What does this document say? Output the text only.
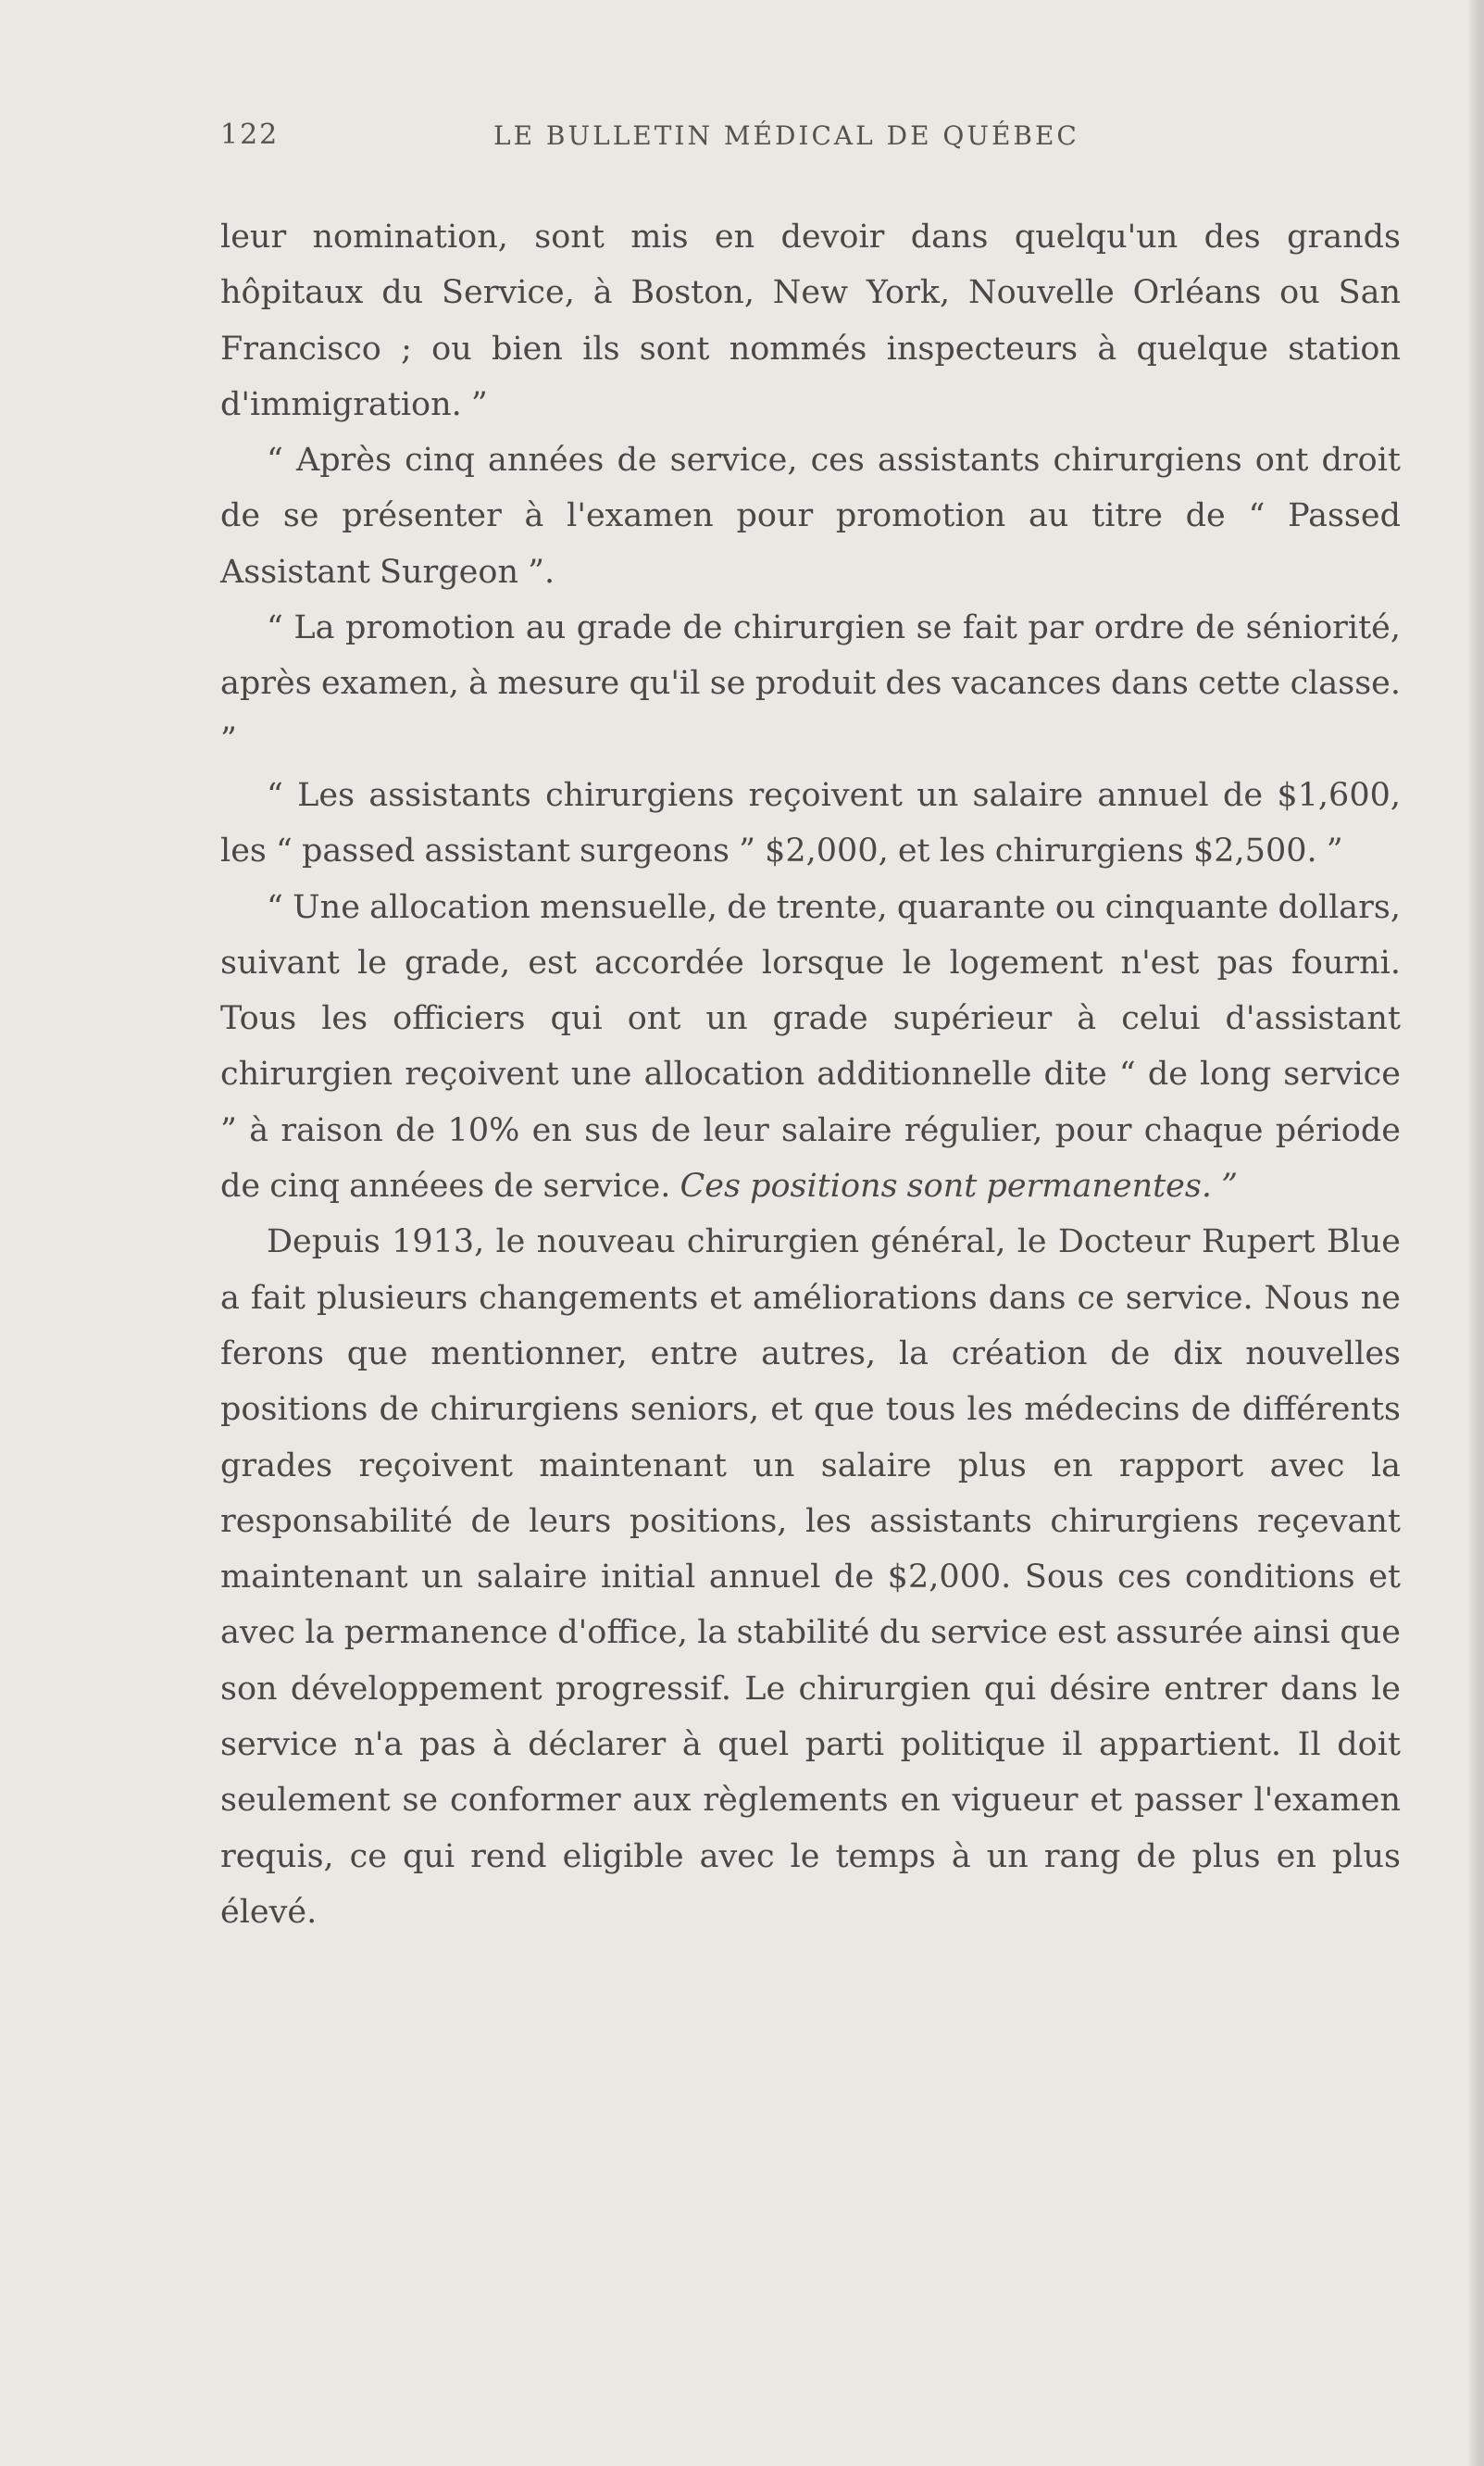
122	LE BULLETIN MÉDICAL DE QUÉBEC

leur nomination, sont mis en devoir dans quelqu'un des grands hôpitaux du Service, à Boston, New York, Nouvelle Orléans ou San Francisco ; ou bien ils sont nommés inspecteurs à quelque station d'immigration. ”

“ Après cinq années de service, ces assistants chirurgiens ont droit de se présenter à l'examen pour promotion au titre de “ Passed Assistant Surgeon ”.

“ La promotion au grade de chirurgien se fait par ordre de séniorité, après examen, à mesure qu'il se produit des vacances dans cette classe. ”

“ Les assistants chirurgiens reçoivent un salaire annuel de $1,600, les “ passed assistant surgeons ” $2,000, et les chirurgiens $2,500. ”

“ Une allocation mensuelle, de trente, quarante ou cinquante dollars, suivant le grade, est accordée lorsque le logement n'est pas fourni. Tous les officiers qui ont un grade supérieur à celui d'assistant chirurgien reçoivent une allocation additionnelle dite “ de long service ” à raison de 10% en sus de leur salaire régulier, pour chaque période de cinq annéees de service. Ces positions sont permanentes. ”

Depuis 1913, le nouveau chirurgien général, le Docteur Rupert Blue a fait plusieurs changements et améliorations dans ce service. Nous ne ferons que mentionner, entre autres, la création de dix nouvelles positions de chirurgiens seniors, et que tous les médecins de différents grades reçoivent maintenant un salaire plus en rapport avec la responsabilité de leurs positions, les assistants chirurgiens reçevant maintenant un salaire initial annuel de $2,000. Sous ces conditions et avec la permanence d'office, la stabilité du service est assurée ainsi que son développement progressif. Le chirurgien qui désire entrer dans le service n'a pas à déclarer à quel parti politique il appartient. Il doit seulement se conformer aux règlements en vigueur et passer l'examen requis, ce qui rend eligible avec le temps à un rang de plus en plus élevé.
